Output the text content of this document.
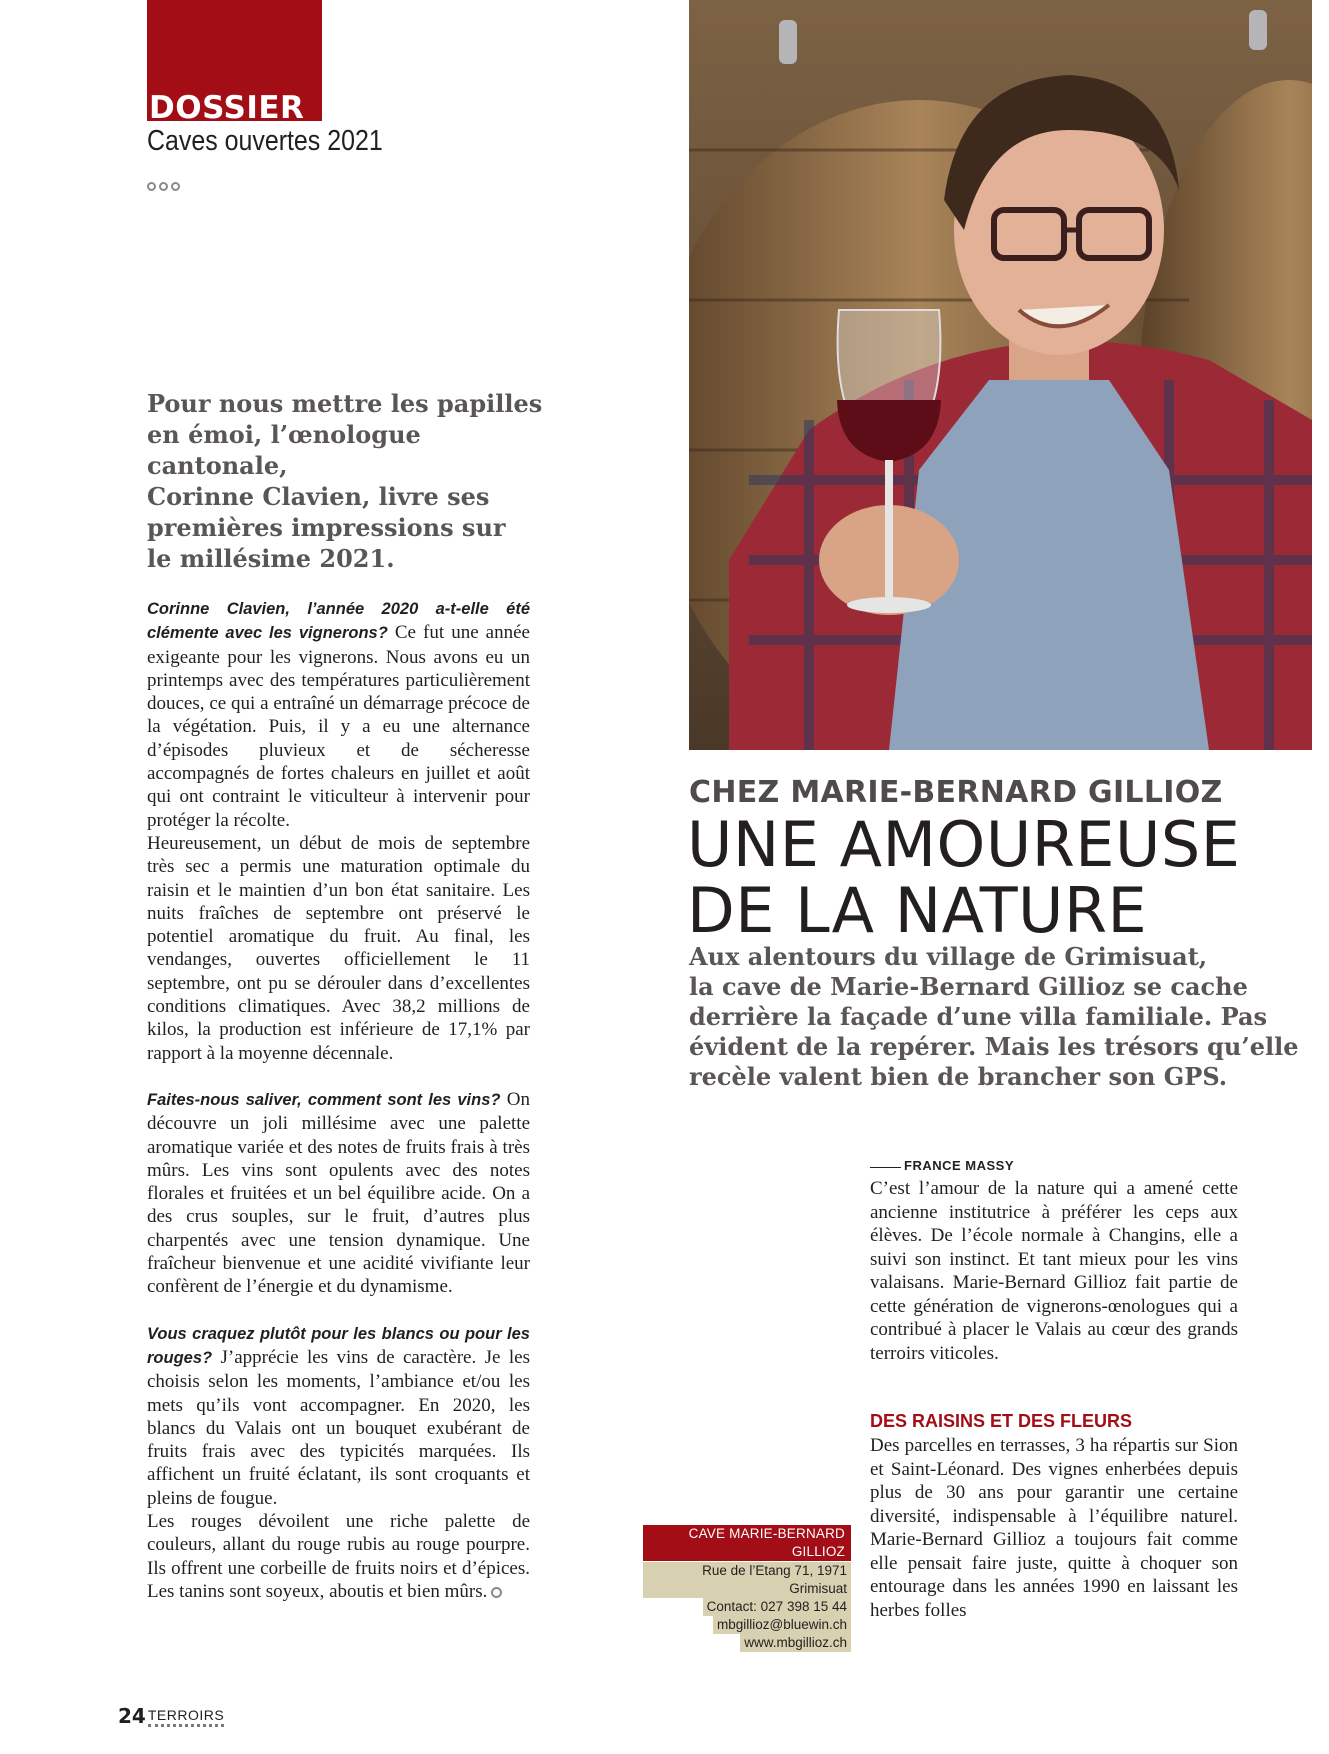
DOSSIER
Caves ouvertes 2021
Pour nous mettre les papilles
en émoi, l’œnologue cantonale,
Corinne Clavien, livre ses
premières impressions sur
le millésime 2021.

Corinne Clavien, l’année 2020 a-t-elle été clémente avec les vignerons? Ce fut une année exigeante pour les vignerons. Nous avons eu un printemps avec des températures particulièrement douces, ce qui a entraîné un démarrage précoce de la végétation. Puis, il y a eu une alternance d’épisodes pluvieux et de sécheresse accompagnés de fortes chaleurs en juillet et août qui ont contraint le viticulteur à intervenir pour protéger la récolte.

Heureusement, un début de mois de septembre très sec a permis une maturation optimale du raisin et le maintien d’un bon état sanitaire. Les nuits fraîches de septembre ont préservé le potentiel aromatique du fruit. Au final, les vendanges, ouvertes officiellement le 11 septembre, ont pu se dérouler dans d’excellentes conditions climatiques. Avec 38,2 millions de kilos, la production est inférieure de 17,1% par rapport à la moyenne décennale.

Faites-nous saliver, comment sont les vins? On découvre un joli millésime avec une palette aromatique variée et des notes de fruits frais à très mûrs. Les vins sont opulents avec des notes florales et fruitées et un bel équilibre acide. On a des crus souples, sur le fruit, d’autres plus charpentés avec une tension dynamique. Une fraîcheur bienvenue et une acidité vivifiante leur confèrent de l’énergie et du dynamisme.

Vous craquez plutôt pour les blancs ou pour les rouges? J’apprécie les vins de caractère. Je les choisis selon les moments, l’ambiance et/ou les mets qu’ils vont accompagner. En 2020, les blancs du Valais ont un bouquet exubérant de fruits frais avec des typicités marquées. Ils affichent un fruité éclatant, ils sont croquants et pleins de fougue.

Les rouges dévoilent une riche palette de couleurs, allant du rouge rubis au rouge pourpre. Ils offrent une corbeille de fruits noirs et d’épices. Les tanins sont soyeux, aboutis et bien mûrs.

CHEZ MARIE-BERNARD GILLIOZ
UNE AMOUREUSE
DE LA NATURE
Aux alentours du village de Grimisuat,
la cave de Marie-Bernard Gillioz se cache
derrière la façade d’une villa familiale. Pas
évident de la repérer. Mais les trésors qu’elle
recèle valent bien de brancher son GPS.
FRANCE MASSY

C’est l’amour de la nature qui a amené cette ancienne institutrice à préférer les ceps aux élèves. De l’école normale à Changins, elle a suivi son instinct. Et tant mieux pour les vins valaisans. Marie-Bernard Gillioz fait partie de cette génération de vignerons-œnologues qui a contribué à placer le Valais au cœur des grands terroirs viticoles.

DES RAISINS ET DES FLEURS

Des parcelles en terrasses, 3 ha répartis sur Sion et Saint-Léonard. Des vignes enherbées depuis plus de 30 ans pour garantir une certaine diversité, indispensable à l’équilibre naturel. Marie-Bernard Gillioz a toujours fait comme elle pensait faire juste, quitte à choquer son entourage dans les années 1990 en laissant les herbes folles

CAVE MARIE-BERNARD GILLIOZ
Rue de l’Etang 71, 1971 Grimisuat
Contact: 027 398 15 44
mbgillioz@bluewin.ch
www.mbgillioz.ch
24 TERROIRS
